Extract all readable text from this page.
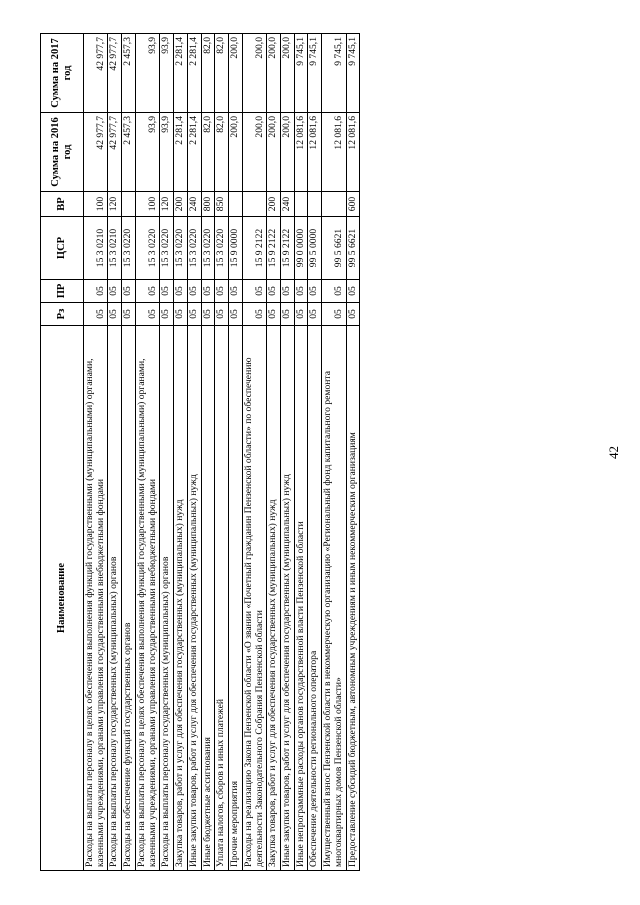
Наименование	Рз	ПР	ЦСР	ВР	Сумма на 2016 год	Сумма на 2017 год
Расходы на выплаты персоналу в целях обеспечения выполнения функций государственными (муниципальными) органами, казенными учреждениями, органами управления государственными внебюджетными фондами	05	05	15 3 0210	100	42 977,7	42 977,7
Расходы на выплаты персоналу государственных (муниципальных) органов	05	05	15 3 0210	120	42 977,7	42 977,7
Расходы на обеспечение функций государственных органов	05	05	15 3 0220		2 457,3	2 457,3
Расходы на выплаты персоналу в целях обеспечения выполнения функций государственными (муниципальными) органами, казенными учреждениями, органами управления государственными внебюджетными фондами	05	05	15 3 0220	100	93,9	93,9
Расходы на выплаты персоналу государственных (муниципальных) органов	05	05	15 3 0220	120	93,9	93,9
Закупка товаров, работ и услуг для обеспечения государственных (муниципальных) нужд	05	05	15 3 0220	200	2 281,4	2 281,4
Иные закупки товаров, работ и услуг для обеспечения государственных (муниципальных) нужд	05	05	15 3 0220	240	2 281,4	2 281,4
Иные бюджетные ассигнования	05	05	15 3 0220	800	82,0	82,0
Уплата налогов, сборов и иных платежей	05	05	15 3 0220	850	82,0	82,0
Прочие мероприятия	05	05	15 9 0000		200,0	200,0
Расходы на реализацию Закона Пензенской области «О звании «Почетный гражданин Пензенской области» по обеспечению деятельности Законодательного Собрания Пензенской области	05	05	15 9 2122		200,0	200,0
Закупка товаров, работ и услуг для обеспечения государственных (муниципальных) нужд	05	05	15 9 2122	200	200,0	200,0
Иные закупки товаров, работ и услуг для обеспечения государственных (муниципальных) нужд	05	05	15 9 2122	240	200,0	200,0
Иные непрограммные расходы органов государственной власти Пензенской области	05	05	99 0 0000		12 081,6	9 745,1
Обеспечение деятельности регионального оператора	05	05	99 5 0000		12 081,6	9 745,1
Имущественный взнос Пензенской области в некоммерческую организацию «Региональный фонд капитального ремонта многоквартирных домов Пензенской области»	05	05	99 5 6621		12 081,6	9 745,1
Предоставление субсидий бюджетным, автономным учреждениям и иным некоммерческим организациям	05	05	99 5 6621	600	12 081,6	9 745,1
42
